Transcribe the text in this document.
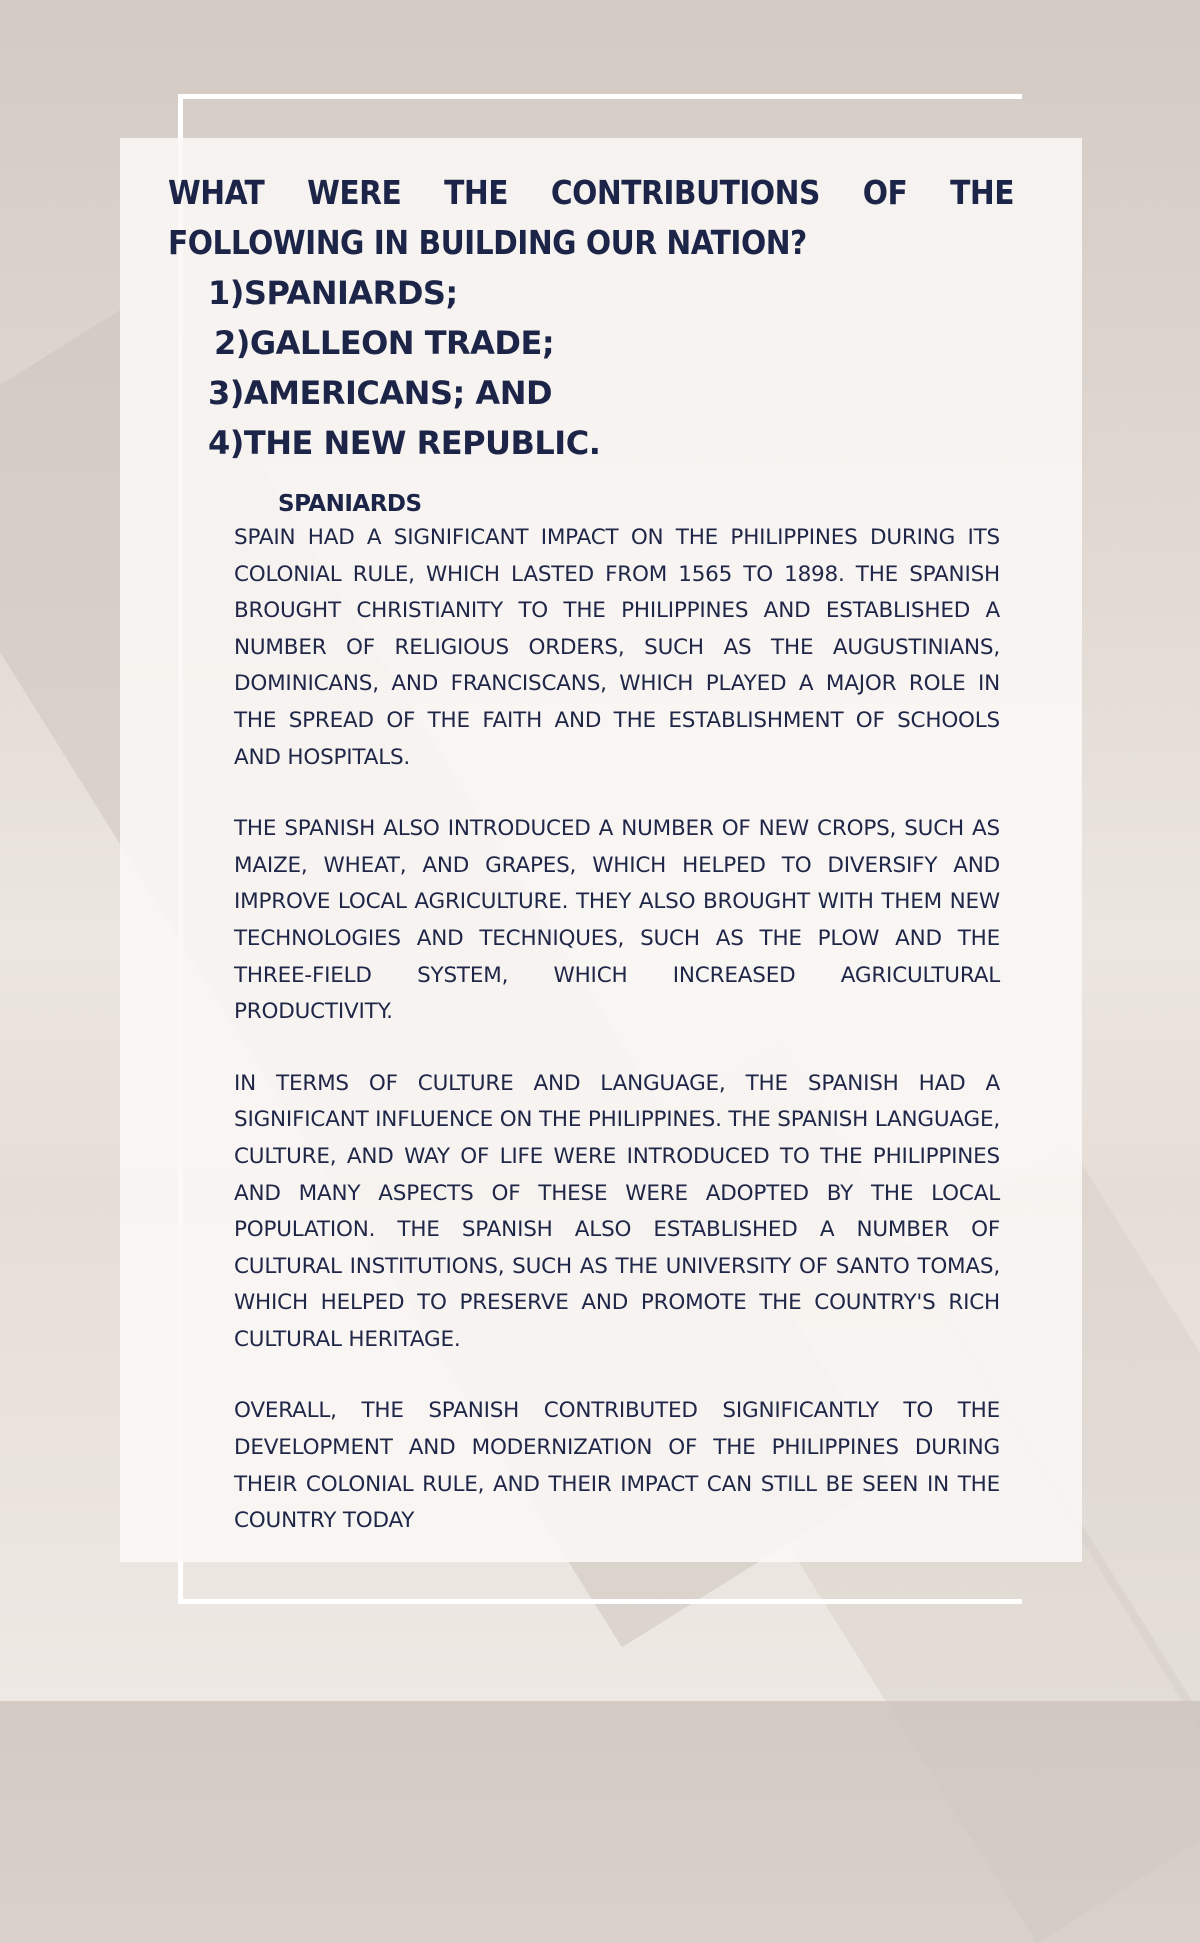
WHAT WERE THE CONTRIBUTIONS OF THE FOLLOWING IN BUILDING OUR NATION?
1)SPANIARDS;
2)GALLEON TRADE;
3)AMERICANS; AND
4)THE NEW REPUBLIC.
SPANIARDS

SPAIN HAD A SIGNIFICANT IMPACT ON THE PHILIPPINES DURING ITS COLONIAL RULE, WHICH LASTED FROM 1565 TO 1898. THE SPANISH BROUGHT CHRISTIANITY TO THE PHILIPPINES AND ESTABLISHED A NUMBER OF RELIGIOUS ORDERS, SUCH AS THE AUGUSTINIANS, DOMINICANS, AND FRANCISCANS, WHICH PLAYED A MAJOR ROLE IN THE SPREAD OF THE FAITH AND THE ESTABLISHMENT OF SCHOOLS AND HOSPITALS.

THE SPANISH ALSO INTRODUCED A NUMBER OF NEW CROPS, SUCH AS MAIZE, WHEAT, AND GRAPES, WHICH HELPED TO DIVERSIFY AND IMPROVE LOCAL AGRICULTURE. THEY ALSO BROUGHT WITH THEM NEW TECHNOLOGIES AND TECHNIQUES, SUCH AS THE PLOW AND THE THREE-FIELD SYSTEM, WHICH INCREASED AGRICULTURAL PRODUCTIVITY.

IN TERMS OF CULTURE AND LANGUAGE, THE SPANISH HAD A SIGNIFICANT INFLUENCE ON THE PHILIPPINES. THE SPANISH LANGUAGE, CULTURE, AND WAY OF LIFE WERE INTRODUCED TO THE PHILIPPINES AND MANY ASPECTS OF THESE WERE ADOPTED BY THE LOCAL POPULATION. THE SPANISH ALSO ESTABLISHED A NUMBER OF CULTURAL INSTITUTIONS, SUCH AS THE UNIVERSITY OF SANTO TOMAS, WHICH HELPED TO PRESERVE AND PROMOTE THE COUNTRY'S RICH CULTURAL HERITAGE.

OVERALL, THE SPANISH CONTRIBUTED SIGNIFICANTLY TO THE DEVELOPMENT AND MODERNIZATION OF THE PHILIPPINES DURING THEIR COLONIAL RULE, AND THEIR IMPACT CAN STILL BE SEEN IN THE COUNTRY TODAY
